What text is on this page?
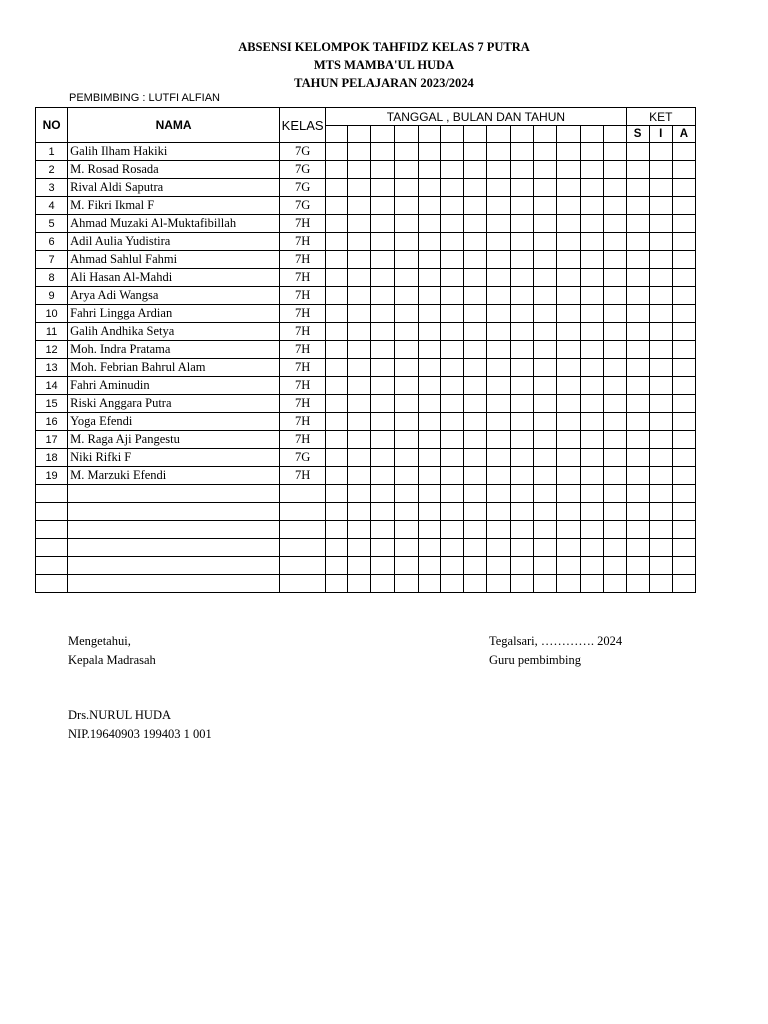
ABSENSI KELOMPOK TAHFIDZ KELAS 7 PUTRA
MTS MAMBA'UL HUDA
TAHUN PELAJARAN 2023/2024
PEMBIMBING : LUTFI ALFIAN
NO	NAMA	KELAS	TANGGAL , BULAN DAN TAHUN													KET		
																S	I	A
1	Galih Ilham Hakiki	7G																
2	M. Rosad Rosada	7G																
3	Rival Aldi Saputra	7G																
4	M. Fikri Ikmal F	7G																
5	Ahmad Muzaki Al-Muktafibillah	7H																
6	Adil Aulia Yudistira	7H																
7	Ahmad Sahlul Fahmi	7H																
8	Ali Hasan Al-Mahdi	7H																
9	Arya Adi Wangsa	7H																
10	Fahri Lingga Ardian	7H																
11	Galih Andhika Setya	7H																
12	Moh. Indra Pratama	7H																
13	Moh. Febrian Bahrul Alam	7H																
14	Fahri Aminudin	7H																
15	Riski Anggara Putra	7H																
16	Yoga Efendi	7H																
17	M. Raga Aji Pangestu	7H																
18	Niki Rifki F	7G																
19	M. Marzuki Efendi	7H																

Mengetahui,
Kepala Madrasah
Drs.NURUL HUDA
NIP.19640903 199403 1 001
Tegalsari, …………. 2024
Guru pembimbing
